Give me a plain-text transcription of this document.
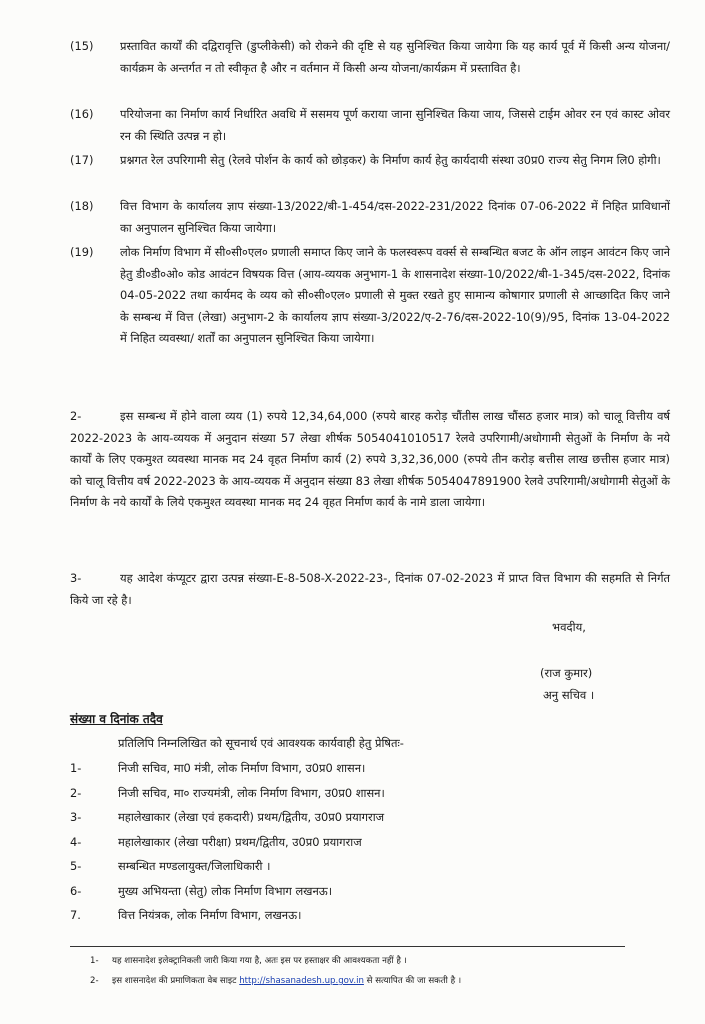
(15)	प्रस्तावित कार्यों की दद्विरावृत्ति (डुप्लीकेसी) को रोकने की दृष्टि से यह सुनिश्चित किया जायेगा कि यह कार्य पूर्व में किसी अन्य योजना/कार्यक्रम के अन्तर्गत न तो स्वीकृत है और न वर्तमान में किसी अन्य योजना/कार्यक्रम में प्रस्तावित है।
(16)	परियोजना का निर्माण कार्य निर्धारित अवधि में ससमय पूर्ण कराया जाना सुनिश्चित किया जाय, जिससे टाईम ओवर रन एवं कास्ट ओवर रन की स्थिति उत्पन्न न हो।
(17)	प्रश्नगत रेल उपरिगामी सेतु (रेलवे पोर्शन के कार्य को छोड़कर) के निर्माण कार्य हेतु कार्यदायी संस्था उ0प्र0 राज्य सेतु निगम लि0 होगी।
(18)	वित्त विभाग के कार्यालय ज्ञाप संख्या-13/2022/बी-1-454/दस-2022-231/2022 दिनांक 07-06-2022 में निहित प्राविधानों का अनुपालन सुनिश्चित किया जायेगा।
(19)	लोक निर्माण विभाग में सी०सी०एल० प्रणाली समाप्त किए जाने के फलस्वरूप वर्क्स से सम्बन्धित बजट के ऑन लाइन आवंटन किए जाने हेतु डी०डी०ओ० कोड आवंटन विषयक वित्त (आय-व्ययक अनुभाग-1 के शासनादेश संख्या-10/2022/बी-1-345/दस-2022, दिनांक 04-05-2022 तथा कार्यमद के व्यय को सी०सी०एल० प्रणाली से मुक्त रखते हुए सामान्य कोषागार प्रणाली से आच्छादित किए जाने के सम्बन्ध में वित्त (लेखा) अनुभाग-2 के कार्यालय ज्ञाप संख्या-3/2022/ए-2-76/दस-2022-10(9)/95, दिनांक 13-04-2022 में निहित व्यवस्था/ शर्तों का अनुपालन सुनिश्चित किया जायेगा।
2-	इस सम्बन्ध में होने वाला व्यय (1) रुपये 12,34,64,000 (रुपये बारह करोड़ चौंतीस लाख चौंसठ हजार मात्र) को चालू वित्तीय वर्ष 2022-2023 के आय-व्ययक में अनुदान संख्या 57 लेखा शीर्षक 5054041010517 रेलवे उपरिगामी/अधोगामी सेतुओं के निर्माण के नये कार्यों के लिए एकमुश्त व्यवस्था मानक मद 24 वृहत निर्माण कार्य (2) रुपये 3,32,36,000 (रुपये तीन करोड़ बत्तीस लाख छत्तीस हजार मात्र) को चालू वित्तीय वर्ष 2022-2023 के आय-व्ययक में अनुदान संख्या 83 लेखा शीर्षक 5054047891900 रेलवे उपरिगामी/अधोगामी सेतुओं के निर्माण के नये कार्यों के लिये एकमुश्त व्यवस्था मानक मद 24 वृहत निर्माण कार्य के नामे डाला जायेगा।
3-	यह आदेश कंप्यूटर द्वारा उत्पन्न संख्या-E-8-508-X-2022-23-, दिनांक 07-02-2023 में प्राप्त वित्त विभाग की सहमति से निर्गत किये जा रहे है।
भवदीय,
(राज कुमार)
अनु सचिव ।
संख्या व दिनांक तदैव
प्रतिलिपि निम्नलिखित को सूचनार्थ एवं आवश्यक कार्यवाही हेतु प्रेषितः-
1-	निजी सचिव, मा0 मंत्री, लोक निर्माण विभाग, उ0प्र0 शासन।
2-	निजी सचिव, मा० राज्यमंत्री, लोक निर्माण विभाग, उ0प्र0 शासन।
3-	महालेखाकार (लेखा एवं हकदारी) प्रथम/द्वितीय, उ0प्र0 प्रयागराज
4-	महालेखाकार (लेखा परीक्षा) प्रथम/द्वितीय, उ0प्र0 प्रयागराज
5-	सम्बन्धित मण्डलायुक्त/जिलाधिकारी ।
6-	मुख्य अभियन्ता (सेतु) लोक निर्माण विभाग लखनऊ।
7.	वित्त नियंत्रक, लोक निर्माण विभाग, लखनऊ।
1- यह शासनादेश इलेक्ट्रानिकली जारी किया गया है, अतः इस पर हस्ताक्षर की आवश्यकता नहीं है ।
2- इस शासनादेश की प्रमाणिकता वेब साइट http://shasanadesh.up.gov.in से सत्यापित की जा सकती है ।
